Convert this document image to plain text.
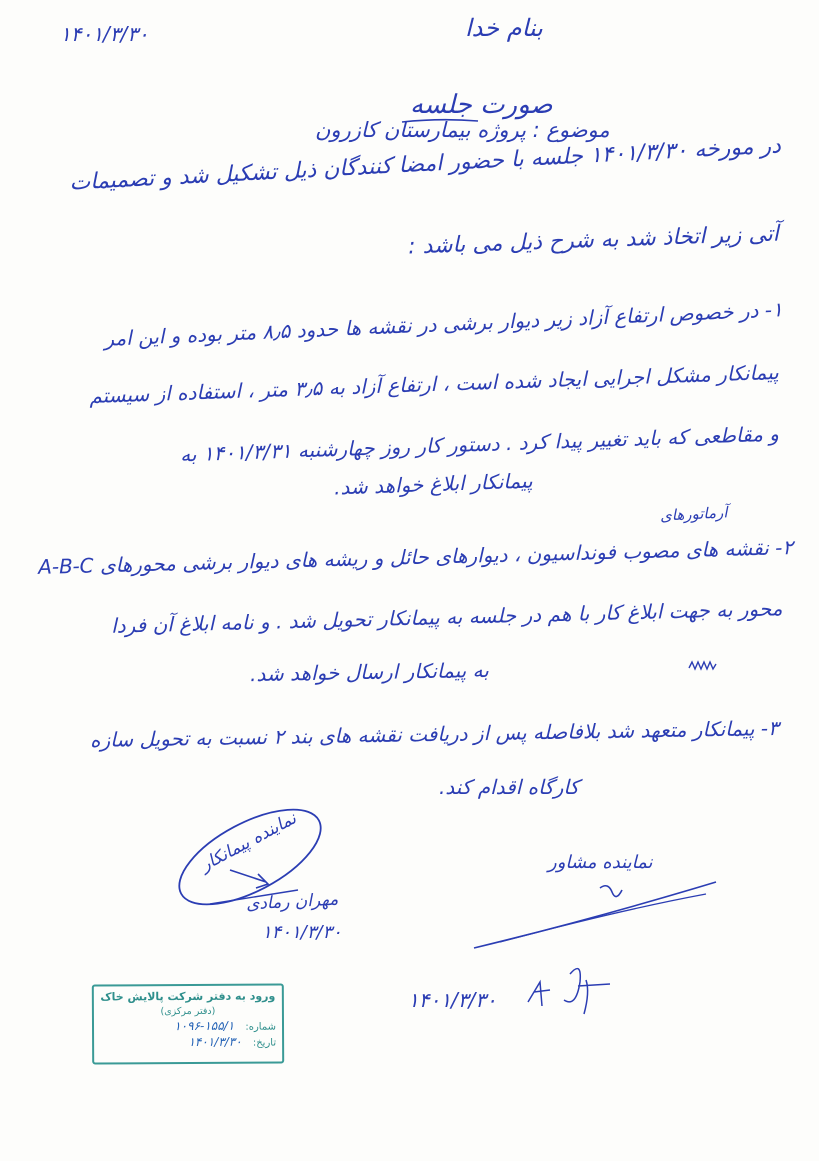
۱۴۰۱/۳/۳۰	بنام خدا
صورت جلسه
موضوع : پروژه بیمارستان کازرون
در مورخه ۱۴۰۱/۳/۳۰ جلسه با حضور امضا کنندگان ذیل تشکیل شد و تصمیمات
آتی زیر اتخاذ شد به شرح ذیل می باشد :
۱- در خصوص ارتفاع آزاد زیر دیوار برشی در نقشه ها حدود ۸٫۵ متر بوده و این امر
پیمانکار مشکل اجرایی ایجاد شده است ، ارتفاع آزاد به ۳٫۵ متر ، استفاده از سیستم
و مقاطعی که باید تغییر پیدا کرد . دستور کار روز چهارشنبه ۱۴۰۱/۳/۳۱ به
پیمانکار ابلاغ خواهد شد.
آرماتورهای
۲- نقشه های مصوب فونداسیون ، دیوارهای حائل و ریشه های دیوار برشی محورهای A-B-C
محور به جهت ابلاغ کار با هم در جلسه به پیمانکار تحویل شد . و نامه ابلاغ آن فردا
به پیمانکار ارسال خواهد شد.
۳- پیمانکار متعهد شد بلافاصله پس از دریافت نقشه های بند ۲ نسبت به تحویل سازه
کارگاه اقدام کند.
نماینده پیمانکار
مهران رمادی
۱۴۰۱/۳/۳۰
نماینده مشاور
۱۴۰۱/۳/۳۰
ورود به دفتر شرکت پالایش خاک
(دفتر مرکزی)
شماره: ۱۵۵/۱-۱۰۹۶
تاریخ: ۱۴۰۱/۳/۳۰
